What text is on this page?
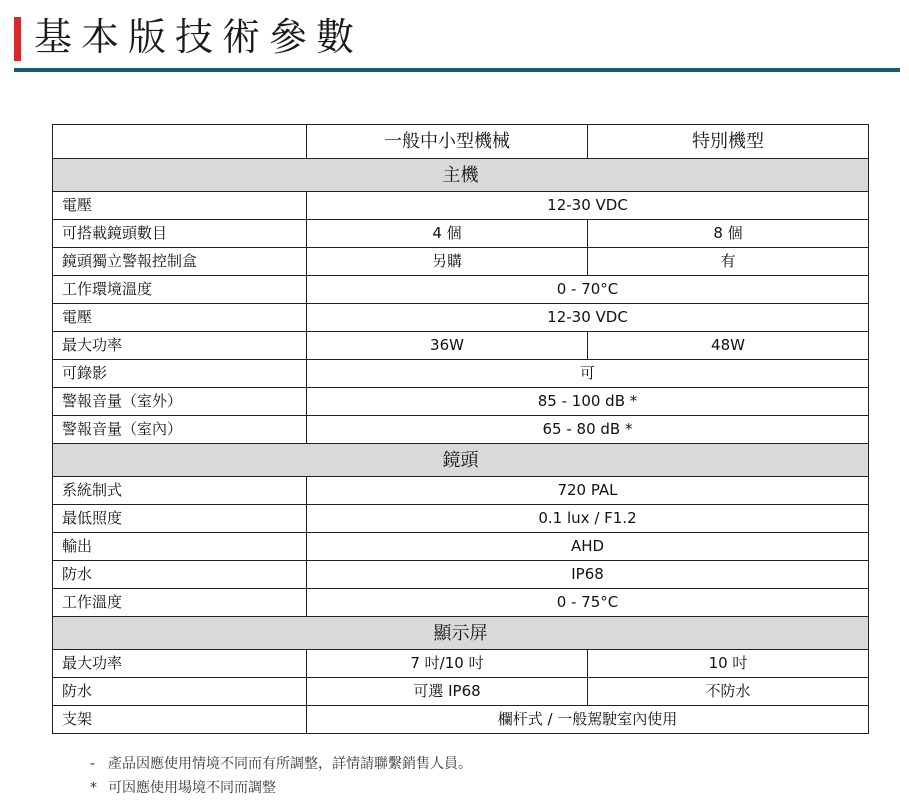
基本版技術參數
	一般中小型機械	特別機型
主機		
電壓	12-30 VDC	
可搭載鏡頭數目	4 個	8 個
鏡頭獨立警報控制盒	另購	有
工作環境溫度	0 - 70°C	
電壓	12-30 VDC	
最大功率	36W	48W
可錄影	可	
警報音量（室外）	85 - 100 dB *	
警報音量（室內）	65 - 80 dB *	
鏡頭		
系統制式	720 PAL	
最低照度	0.1 lux / F1.2	
輸出	AHD	
防水	IP68	
工作溫度	0 - 75°C	
顯示屏		
最大功率	7 吋/10 吋	10 吋
防水	可選 IP68	不防水
支架	欄杆式 / 一般駕駛室內使用	
- 產品因應使用情境不同而有所調整，詳情請聯繫銷售人員。
* 可因應使用場境不同而調整
